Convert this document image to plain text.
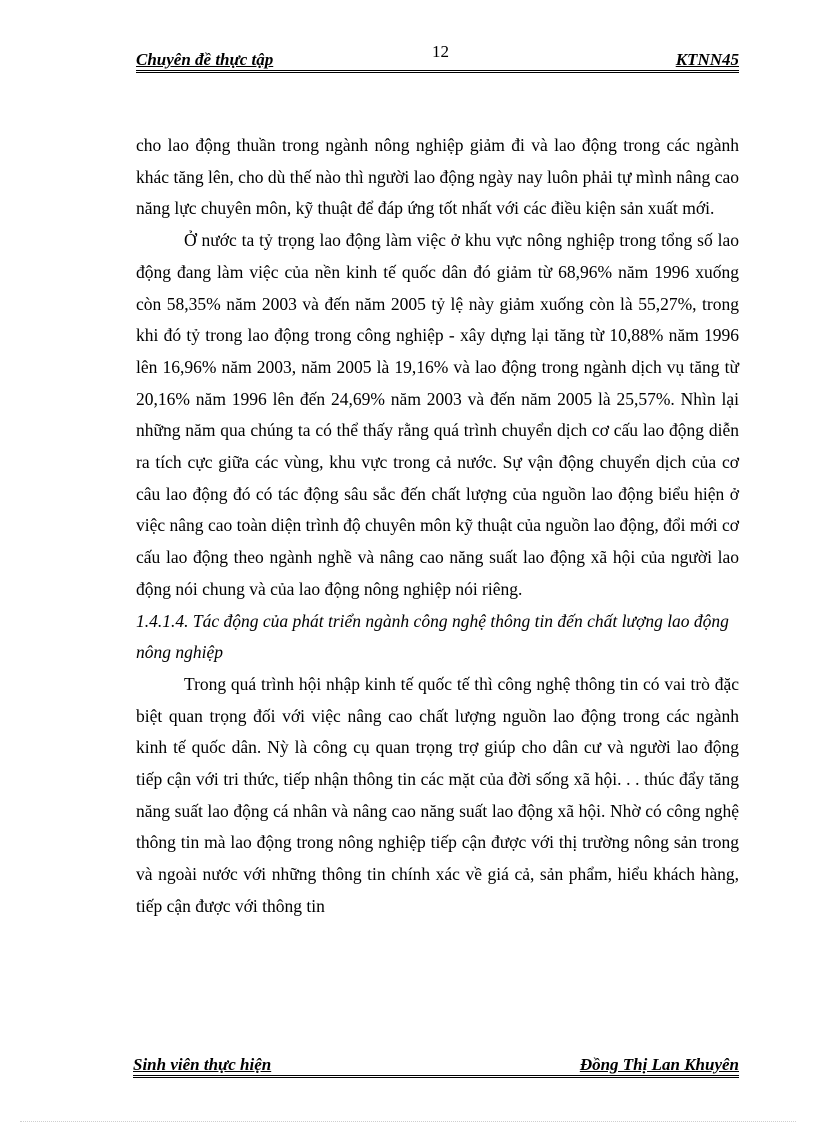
Chuyên đề thực tập	12	KTNN45

cho lao động thuần trong ngành nông nghiệp giảm đi và lao động trong các ngành khác tăng lên, cho dù thế nào thì người lao động ngày nay luôn phải tự mình nâng cao năng lực chuyên môn, kỹ thuật để đáp ứng tốt nhất với các điều kiện sản xuất mới.

Ở nước ta tỷ trọng lao động làm việc ở khu vực nông nghiệp trong tổng số lao động đang làm việc của nền kinh tế quốc dân đó giảm từ 68,96% năm 1996 xuống còn 58,35% năm 2003 và đến năm 2005 tỷ lệ này giảm xuống còn là 55,27%, trong khi đó tỷ trong lao động trong công nghiệp - xây dựng lại tăng từ 10,88% năm 1996 lên 16,96% năm 2003, năm 2005 là 19,16% và lao động trong ngành dịch vụ tăng từ 20,16% năm 1996 lên đến 24,69% năm 2003 và đến năm 2005 là 25,57%. Nhìn lại những năm qua chúng ta có thể thấy rằng quá trình chuyển dịch cơ cấu lao động diễn ra tích cực giữa các vùng, khu vực trong cả nước. Sự vận động chuyển dịch của cơ câu lao động đó có tác động sâu sắc đến chất lượng của nguồn lao động biểu hiện ở việc nâng cao toàn diện trình độ chuyên môn kỹ thuật của nguồn lao động, đổi mới cơ cấu lao động theo ngành nghề và nâng cao năng suất lao động xã hội của người lao động nói chung và của lao động nông nghiệp nói riêng.

1.4.1.4. Tác động của phát triển ngành công nghệ thông tin đến chất lượng lao động nông nghiệp

Trong quá trình hội nhập kinh tế quốc tế thì công nghệ thông tin có vai trò đặc biệt quan trọng đối với việc nâng cao chất lượng nguồn lao động trong các ngành kinh tế quốc dân. Nỳ là công cụ quan trọng trợ giúp cho dân cư và người lao động tiếp cận với tri thức, tiếp nhận thông tin các mặt của đời sống xã hội. . . thúc đẩy tăng năng suất lao động cá nhân và nâng cao năng suất lao động xã hội. Nhờ có công nghệ thông tin mà lao động trong nông nghiệp tiếp cận được với thị trường nông sản trong và ngoài nước với những thông tin chính xác về giá cả, sản phẩm, hiểu khách hàng, tiếp cận được với thông tin

Sinh viên thực hiện	Đồng Thị Lan Khuyên
